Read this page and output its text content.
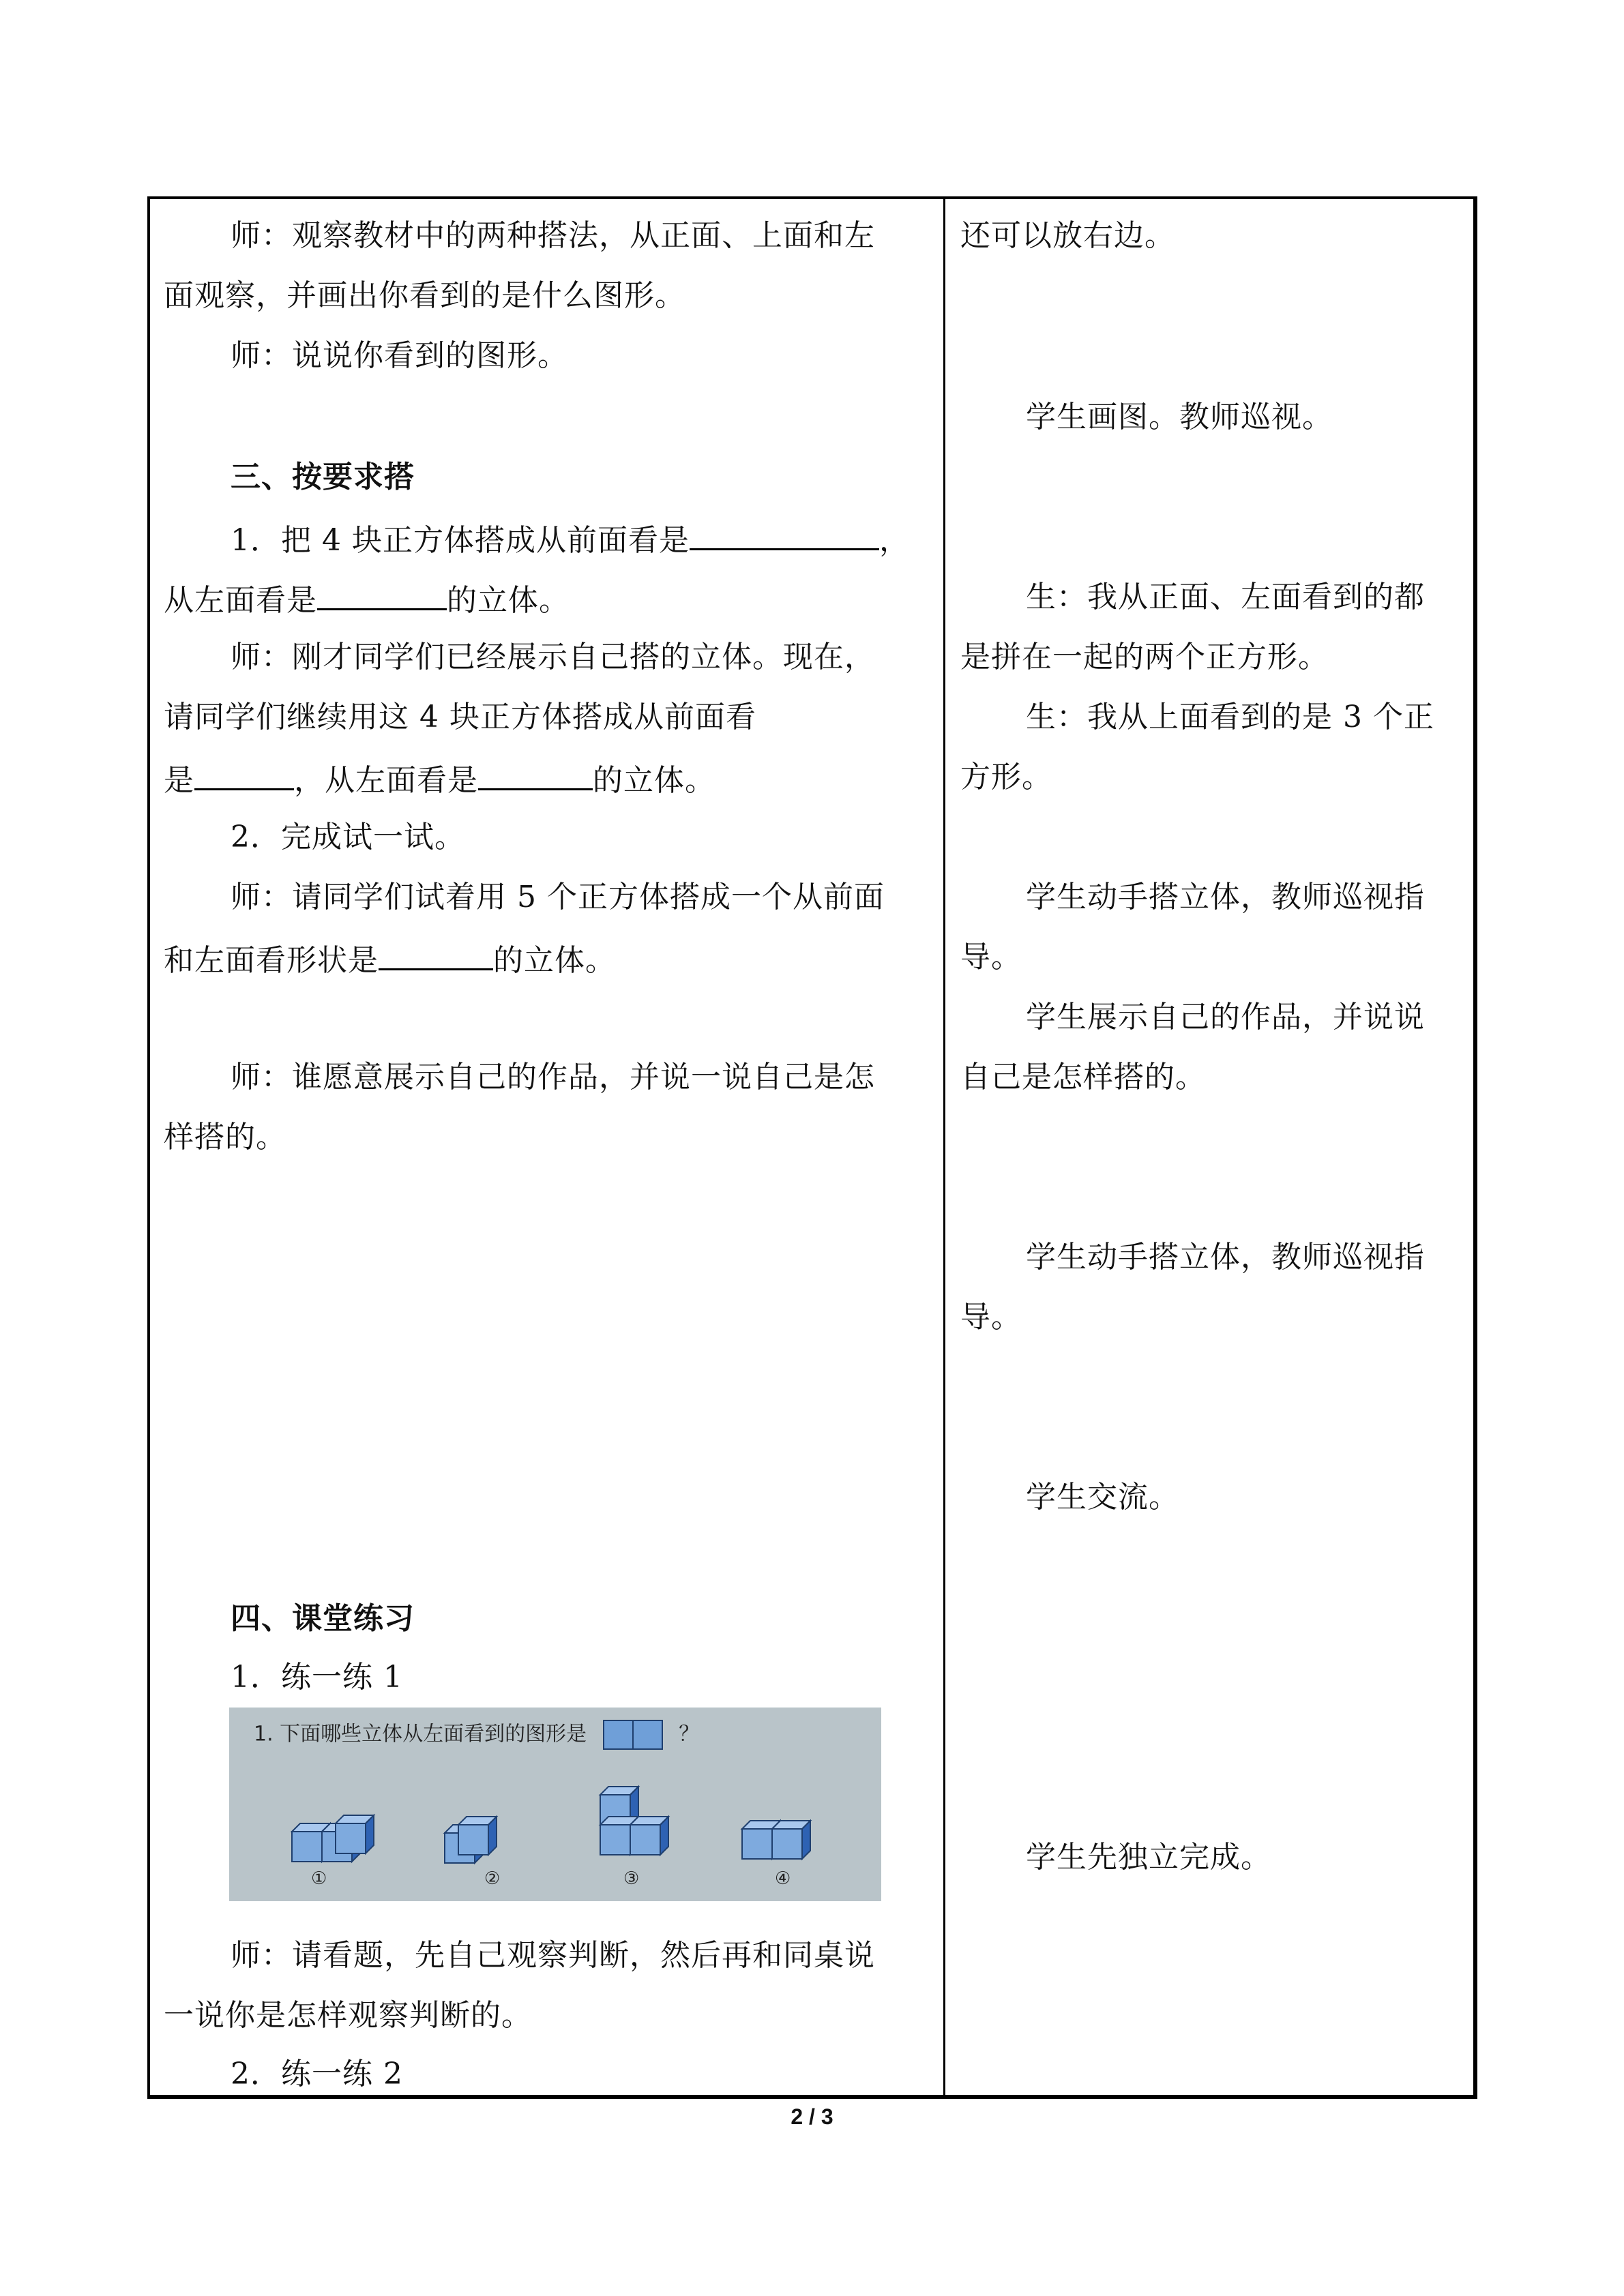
师：观察教材中的两种搭法，从正面、上面和左
面观察，并画出你看到的是什么图形。
师：说说你看到的图形。
三、按要求搭
1．把 4 块正方体搭成从前面看是	，
从左面看是	的立体。
师：刚才同学们已经展示自己搭的立体。现在，
请同学们继续用这 4 块正方体搭成从前面看
是	，从左面看是	的立体。
2．完成试一试。
师：请同学们试着用 5 个正方体搭成一个从前面
和左面看形状是	的立体。
师：谁愿意展示自己的作品，并说一说自己是怎
样搭的。
四、课堂练习
1．练一练 1
1. 下面哪些立体从左面看到的图形是	？
①	②	③	④
师：请看题，先自己观察判断，然后再和同桌说
一说你是怎样观察判断的。
2．练一练 2
还可以放右边。
学生画图。教师巡视。
生：我从正面、左面看到的都
是拼在一起的两个正方形。
生：我从上面看到的是 3 个正
方形。
学生动手搭立体，教师巡视指
导。
学生展示自己的作品，并说说
自己是怎样搭的。
学生动手搭立体，教师巡视指
导。
学生交流。
学生先独立完成。
2 / 3
